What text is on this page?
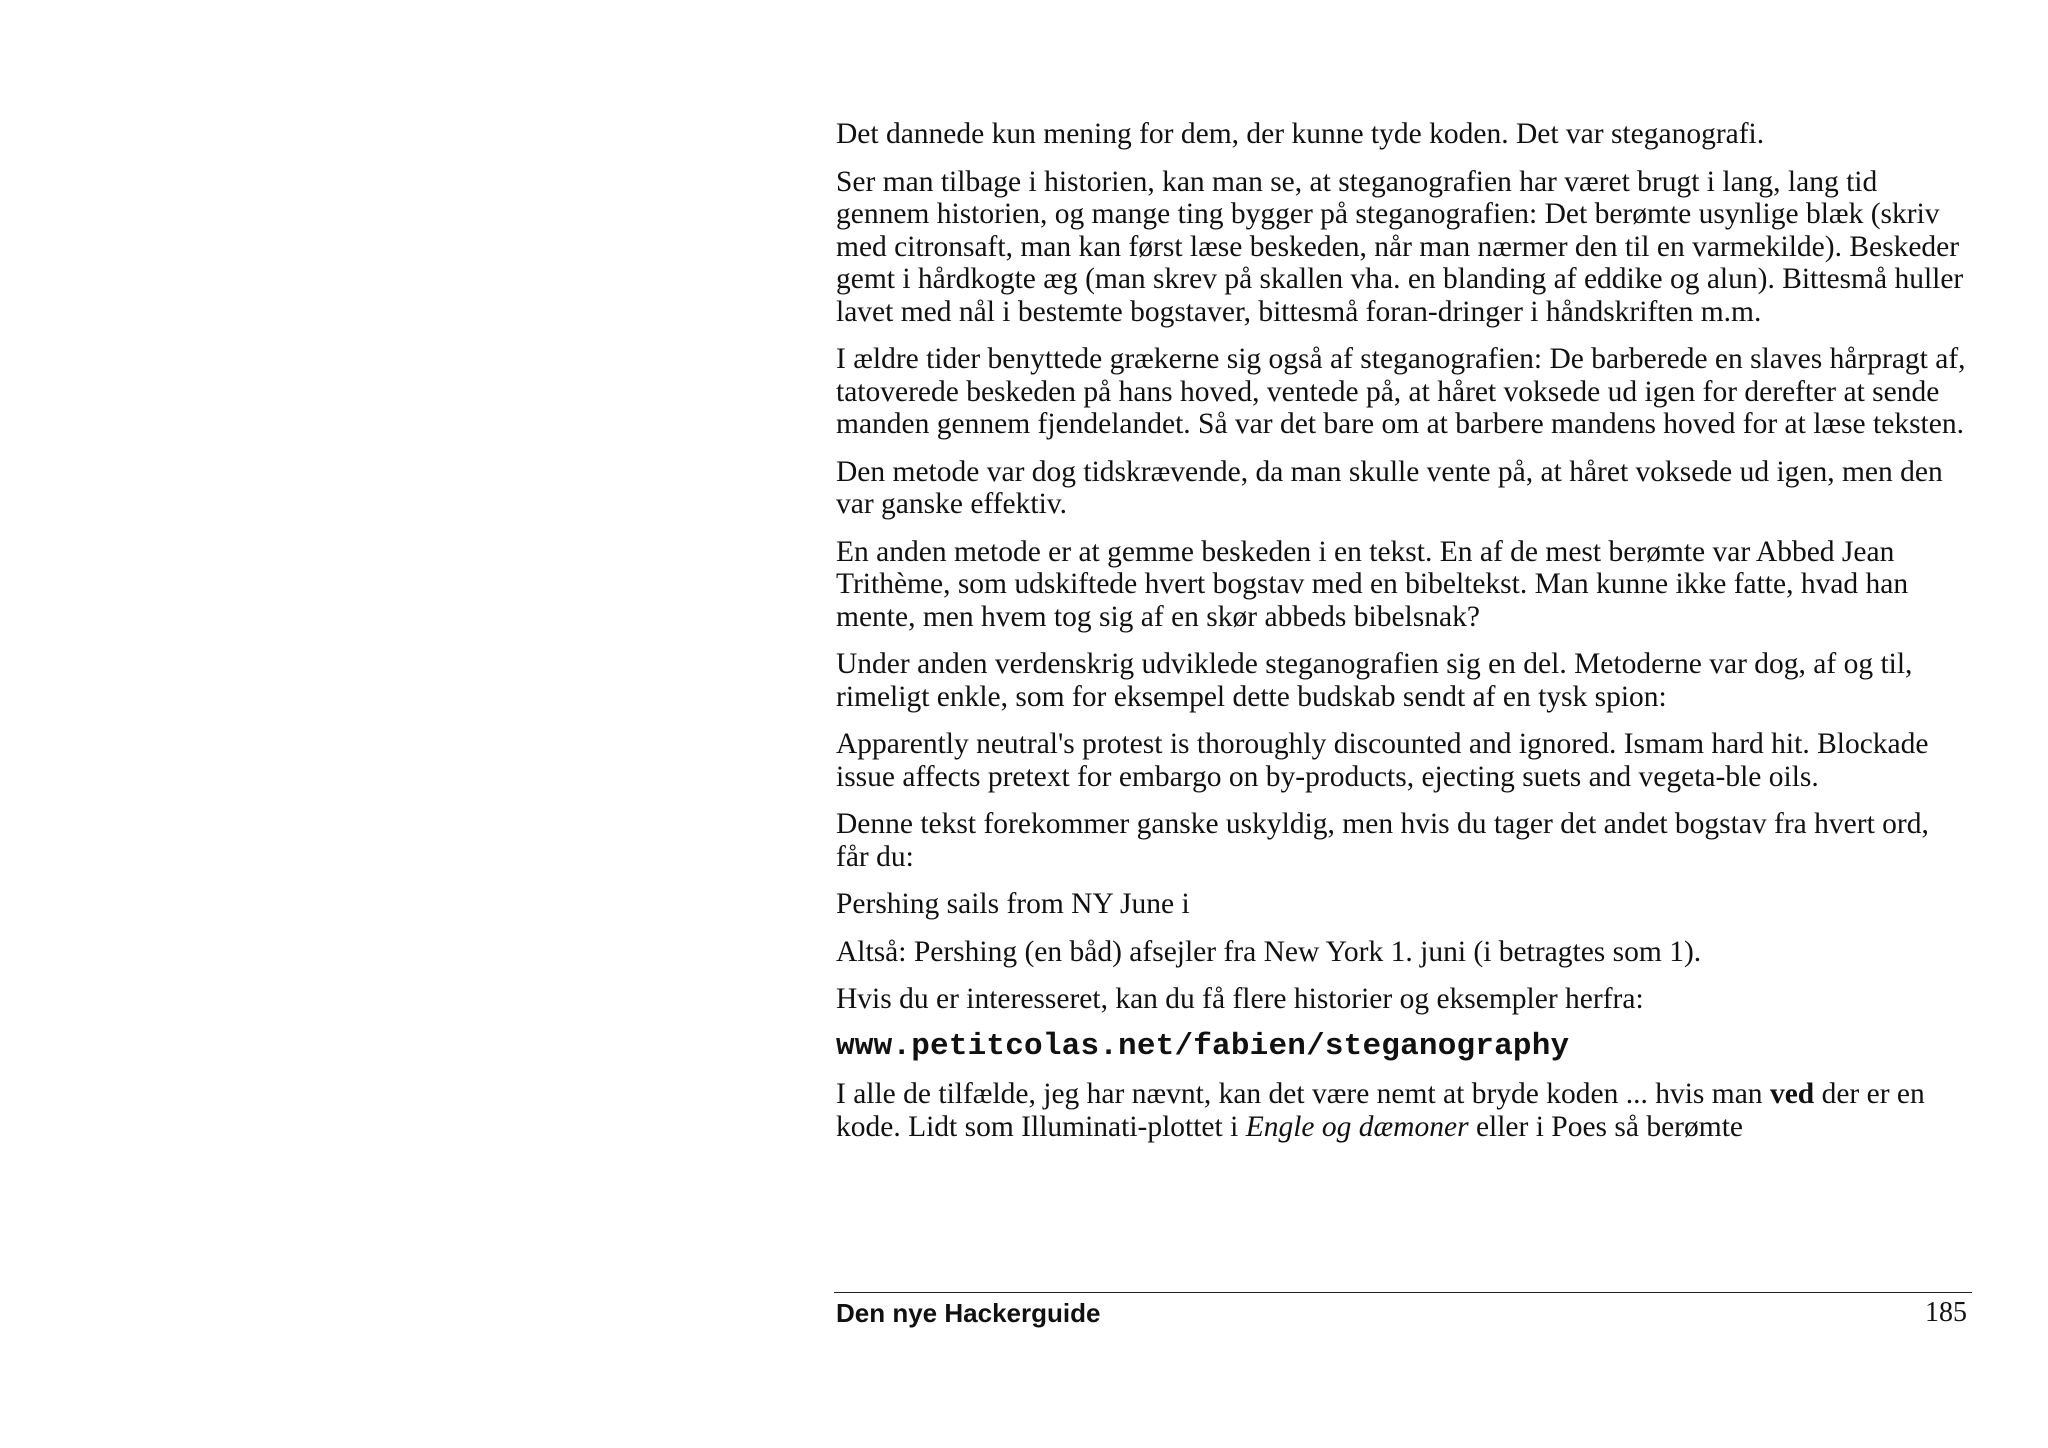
Det dannede kun mening for dem, der kunne tyde koden. Det var steganografi.

Ser man tilbage i historien, kan man se, at steganografien har været brugt i lang, lang tid gennem historien, og mange ting bygger på steganografien: Det berømte usynlige blæk (skriv med citronsaft, man kan først læse beskeden, når man nærmer den til en varmekilde). Beskeder gemt i hårdkogte æg (man skrev på skallen vha. en blanding af eddike og alun). Bittesmå huller lavet med nål i bestemte bogstaver, bittesmå foran-dringer i håndskriften m.m.

I ældre tider benyttede grækerne sig også af steganografien: De barberede en slaves hårpragt af, tatoverede beskeden på hans hoved, ventede på, at håret voksede ud igen for derefter at sende manden gennem fjendelandet. Så var det bare om at barbere mandens hoved for at læse teksten.

Den metode var dog tidskrævende, da man skulle vente på, at håret voksede ud igen, men den var ganske effektiv.

En anden metode er at gemme beskeden i en tekst. En af de mest berømte var Abbed Jean Trithème, som udskiftede hvert bogstav med en bibeltekst. Man kunne ikke fatte, hvad han mente, men hvem tog sig af en skør abbeds bibelsnak?

Under anden verdenskrig udviklede steganografien sig en del. Metoderne var dog, af og til, rimeligt enkle, som for eksempel dette budskab sendt af en tysk spion:

Apparently neutral's protest is thoroughly discounted and ignored. Ismam hard hit. Blockade issue affects pretext for embargo on by-products, ejecting suets and vegeta-ble oils.

Denne tekst forekommer ganske uskyldig, men hvis du tager det andet bogstav fra hvert ord, får du:

Pershing sails from NY June i

Altså: Pershing (en båd) afsejler fra New York 1. juni (i betragtes som 1).

Hvis du er interesseret, kan du få flere historier og eksempler herfra:

www.petitcolas.net/fabien/steganography

I alle de tilfælde, jeg har nævnt, kan det være nemt at bryde koden ... hvis man ved der er en kode. Lidt som Illuminati-plottet i Engle og dæmoner eller i Poes så berømte

Den nye Hackerguide	185
